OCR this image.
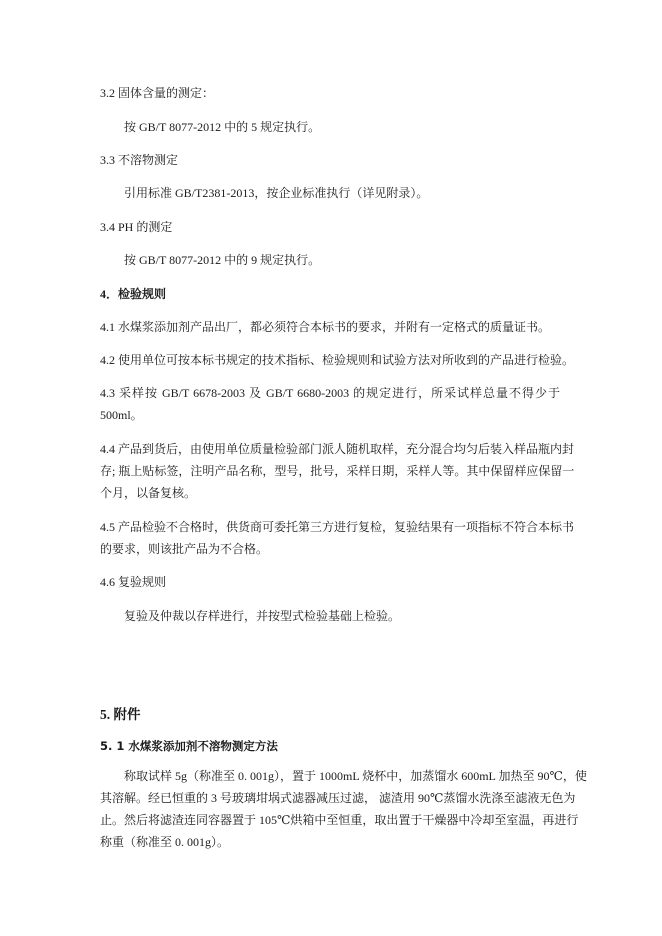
3.2 固体含量的测定：
按 GB/T 8077-2012 中的 5 规定执行。
3.3 不溶物测定
引用标准 GB/T2381-2013，按企业标准执行（详见附录）。
3.4 PH 的测定
按 GB/T 8077-2012 中的 9 规定执行。
4．检验规则
4.1 水煤浆添加剂产品出厂，都必须符合本标书的要求，并附有一定格式的质量证书。
4.2 使用单位可按本标书规定的技术指标、检验规则和试验方法对所收到的产品进行检验。
4.3 采样按 GB/T 6678-2003 及 GB/T 6680-2003 的规定进行，所采试样总量不得少于
500ml。
4.4 产品到货后，由使用单位质量检验部门派人随机取样，充分混合均匀后装入样品瓶内封
存; 瓶上贴标签，注明产品名称，型号，批号，采样日期，采样人等。其中保留样应保留一
个月，以备复核。
4.5 产品检验不合格时，供货商可委托第三方进行复检，复验结果有一项指标不符合本标书
的要求，则该批产品为不合格。
4.6 复验规则
复验及仲裁以存样进行，并按型式检验基础上检验。
5. 附件
5. 1 水煤浆添加剂不溶物测定方法
称取试样 5g（称准至 0. 001g），置于 1000mL 烧杯中，加蒸馏水 600mL 加热至 90℃，使
其溶解。经已恒重的 3 号玻璃坩埚式滤器减压过滤， 滤渣用 90℃蒸馏水洗涤至滤液无色为
止。然后将滤渣连同容器置于 105℃烘箱中至恒重，取出置于干燥器中冷却至室温，再进行
称重（称准至 0. 001g）。
